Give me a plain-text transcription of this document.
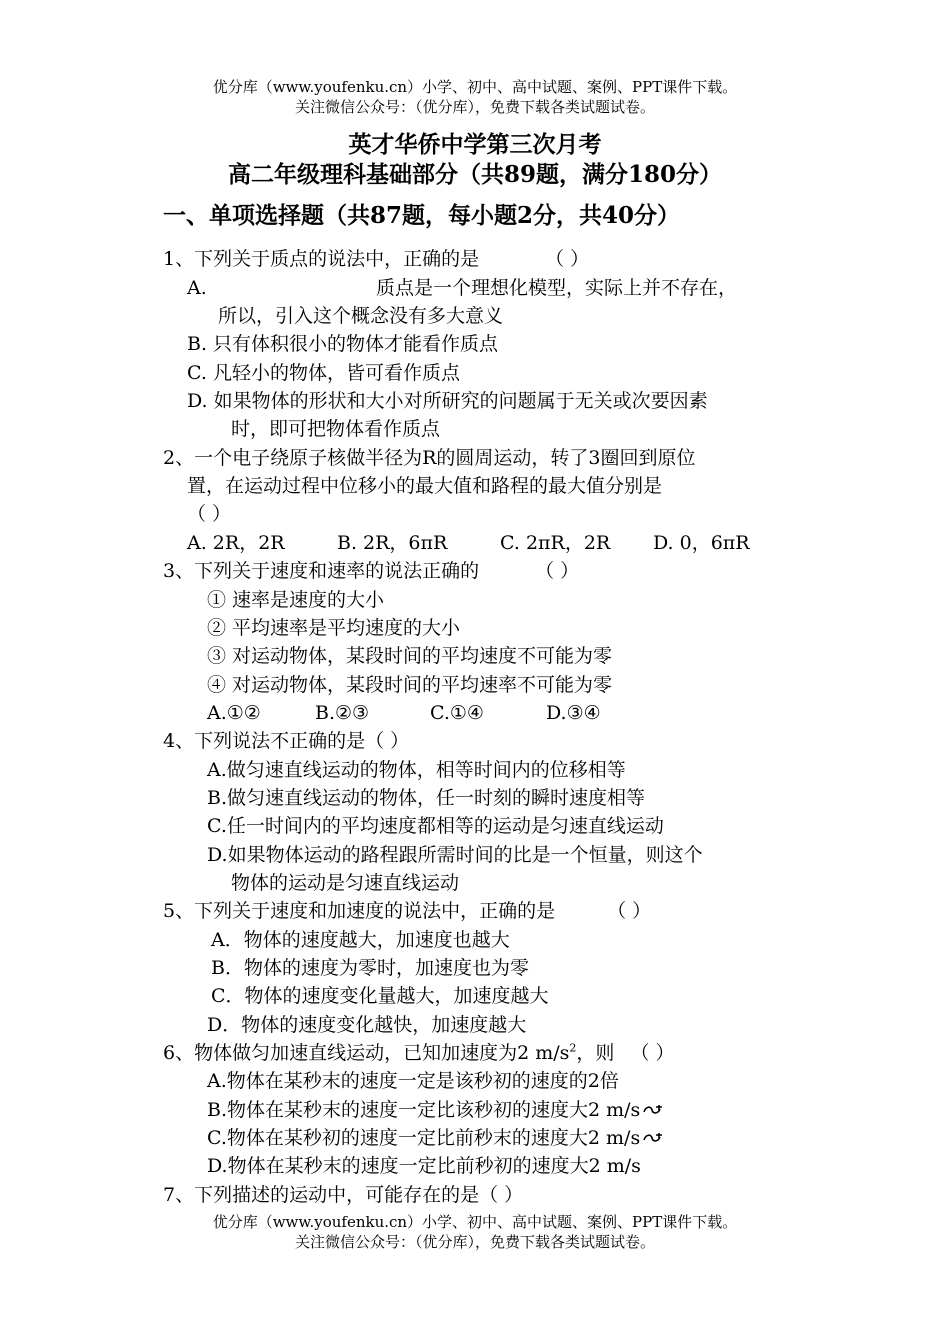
优分库（www.youfenku.cn）小学、初中、高中试题、案例、PPT课件下载。
关注微信公众号：（优分库），免费下载各类试题试卷。
英才华侨中学第三次月考
高二年级理科基础部分（共89题，满分180分）
一、单项选择题（共87题，每小题2分，共40分）
1、下列关于质点的说法中，正确的是	（ ）
A.	质点是一个理想化模型，实际上并不存在，
所以，引入这个概念没有多大意义
B. 只有体积很小的物体才能看作质点
C. 凡轻小的物体，皆可看作质点
D. 如果物体的形状和大小对所研究的问题属于无关或次要因素
时，即可把物体看作质点
2、一个电子绕原子核做半径为R的圆周运动，转了3圈回到原位
置，在运动过程中位移小的最大值和路程的最大值分别是
（ ）
A. 2R，2R	B. 2R，6πR	C. 2πR，2R D. 0，6πR
3、下列关于速度和速率的说法正确的	（ ）
① 速率是速度的大小
② 平均速率是平均速度的大小
③ 对运动物体，某段时间的平均速度不可能为零
④ 对运动物体，某段时间的平均速率不可能为零
A.①②	B.②③	C.①④	D.③④
4、下列说法不正确的是（ ）
A.做匀速直线运动的物体，相等时间内的位移相等
B.做匀速直线运动的物体，任一时刻的瞬时速度相等
C.任一时间内的平均速度都相等的运动是匀速直线运动
D.如果物体运动的路程跟所需时间的比是一个恒量，则这个
物体的运动是匀速直线运动
5、下列关于速度和加速度的说法中，正确的是	（ ）
A．物体的速度越大，加速度也越大
B．物体的速度为零时，加速度也为零
C．物体的速度变化量越大，加速度越大
D．物体的速度变化越快，加速度越大
6、物体做匀加速直线运动，已知加速度为2 $m/s^2$，则 （ ）
A.物体在某秒末的速度一定是该秒初的速度的2倍
B.物体在某秒末的速度一定比该秒初的速度大2 m/s
C.物体在某秒初的速度一定比前秒末的速度大2 m/s
D.物体在某秒末的速度一定比前秒初的速度大2 m/s
7、下列描述的运动中，可能存在的是（ ）
优分库（www.youfenku.cn）小学、初中、高中试题、案例、PPT课件下载。
关注微信公众号：（优分库），免费下载各类试题试卷。
